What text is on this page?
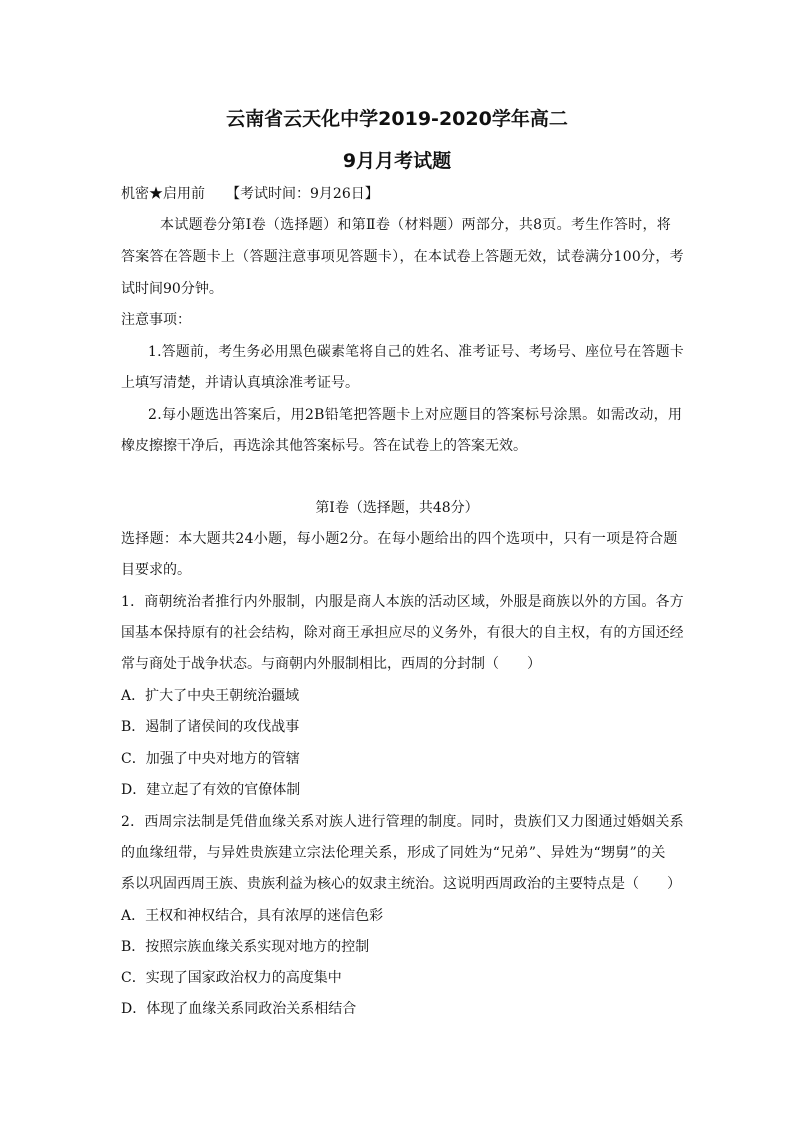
云南省云天化中学2019-2020学年高二
9月月考试题
机密★启用前　　【考试时间：9月26日】
本试题卷分第Ⅰ卷（选择题）和第Ⅱ卷（材料题）两部分，共8页。考生作答时，将
答案答在答题卡上（答题注意事项见答题卡），在本试卷上答题无效，试卷满分100分，考
试时间90分钟。
注意事项：
1.答题前，考生务必用黑色碳素笔将自己的姓名、准考证号、考场号、座位号在答题卡
上填写清楚，并请认真填涂准考证号。
2.每小题选出答案后，用2B铅笔把答题卡上对应题目的答案标号涂黑。如需改动，用
橡皮擦擦干净后，再选涂其他答案标号。答在试卷上的答案无效。
第Ⅰ卷（选择题，共48分）
选择题：本大题共24小题，每小题2分。在每小题给出的四个选项中，只有一项是符合题
目要求的。
1．商朝统治者推行内外服制，内服是商人本族的活动区域，外服是商族以外的方国。各方
国基本保持原有的社会结构，除对商王承担应尽的义务外，有很大的自主权，有的方国还经
常与商处于战争状态。与商朝内外服制相比，西周的分封制（　　）
A．扩大了中央王朝统治疆域
B．遏制了诸侯间的攻伐战事
C．加强了中央对地方的管辖
D．建立起了有效的官僚体制
2．西周宗法制是凭借血缘关系对族人进行管理的制度。同时，贵族们又力图通过婚姻关系
的血缘纽带，与异姓贵族建立宗法伦理关系，形成了同姓为“兄弟”、异姓为“甥舅”的关
系以巩固西周王族、贵族利益为核心的奴隶主统治。这说明西周政治的主要特点是（　　）
A．王权和神权结合，具有浓厚的迷信色彩
B．按照宗族血缘关系实现对地方的控制
C．实现了国家政治权力的高度集中
D．体现了血缘关系同政治关系相结合
